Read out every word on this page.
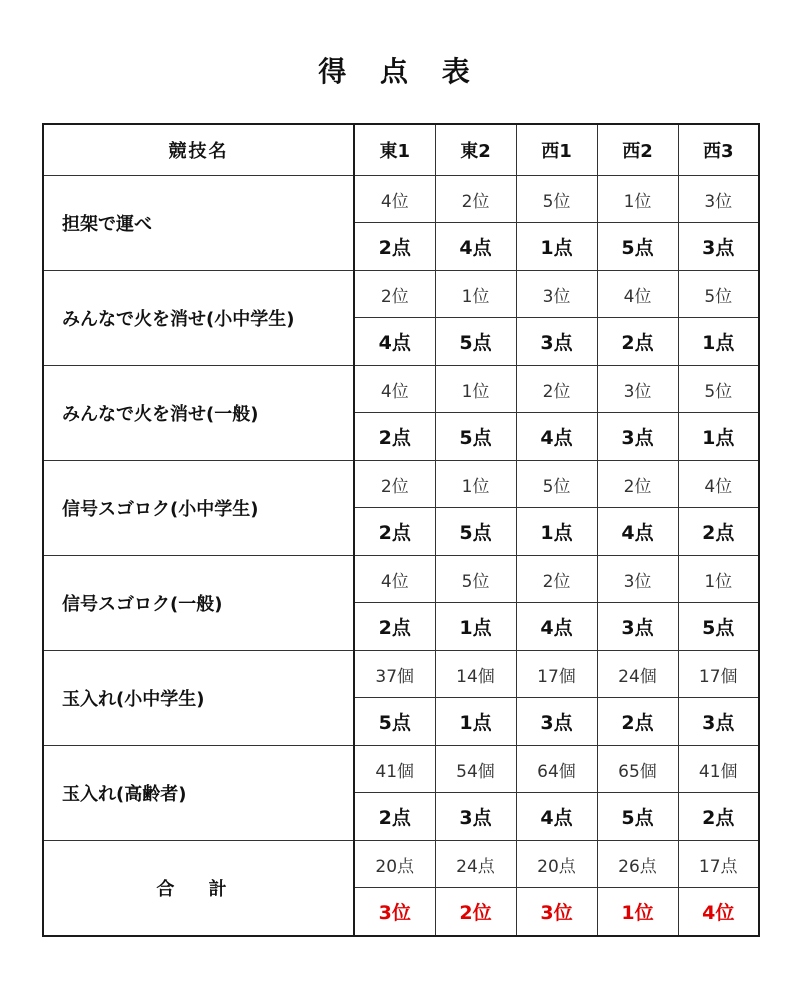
得 点 表
競技名	東1	東2	西1	西2	西3
担架で運べ	4位	2位	5位	1位	3位
	2点	4点	1点	5点	3点
みんなで火を消せ(小中学生)	2位	1位	3位	4位	5位
	4点	5点	3点	2点	1点
みんなで火を消せ(一般)	4位	1位	2位	3位	5位
	2点	5点	4点	3点	1点
信号スゴロク(小中学生)	2位	1位	5位	2位	4位
	2点	5点	1点	4点	2点
信号スゴロク(一般)	4位	5位	2位	3位	1位
	2点	1点	4点	3点	5点
玉入れ(小中学生)	37個	14個	17個	24個	17個
	5点	1点	3点	2点	3点
玉入れ(高齢者)	41個	54個	64個	65個	41個
	2点	3点	4点	5点	2点
合 計	20点	24点	20点	26点	17点
	3位	2位	3位	1位	4位
